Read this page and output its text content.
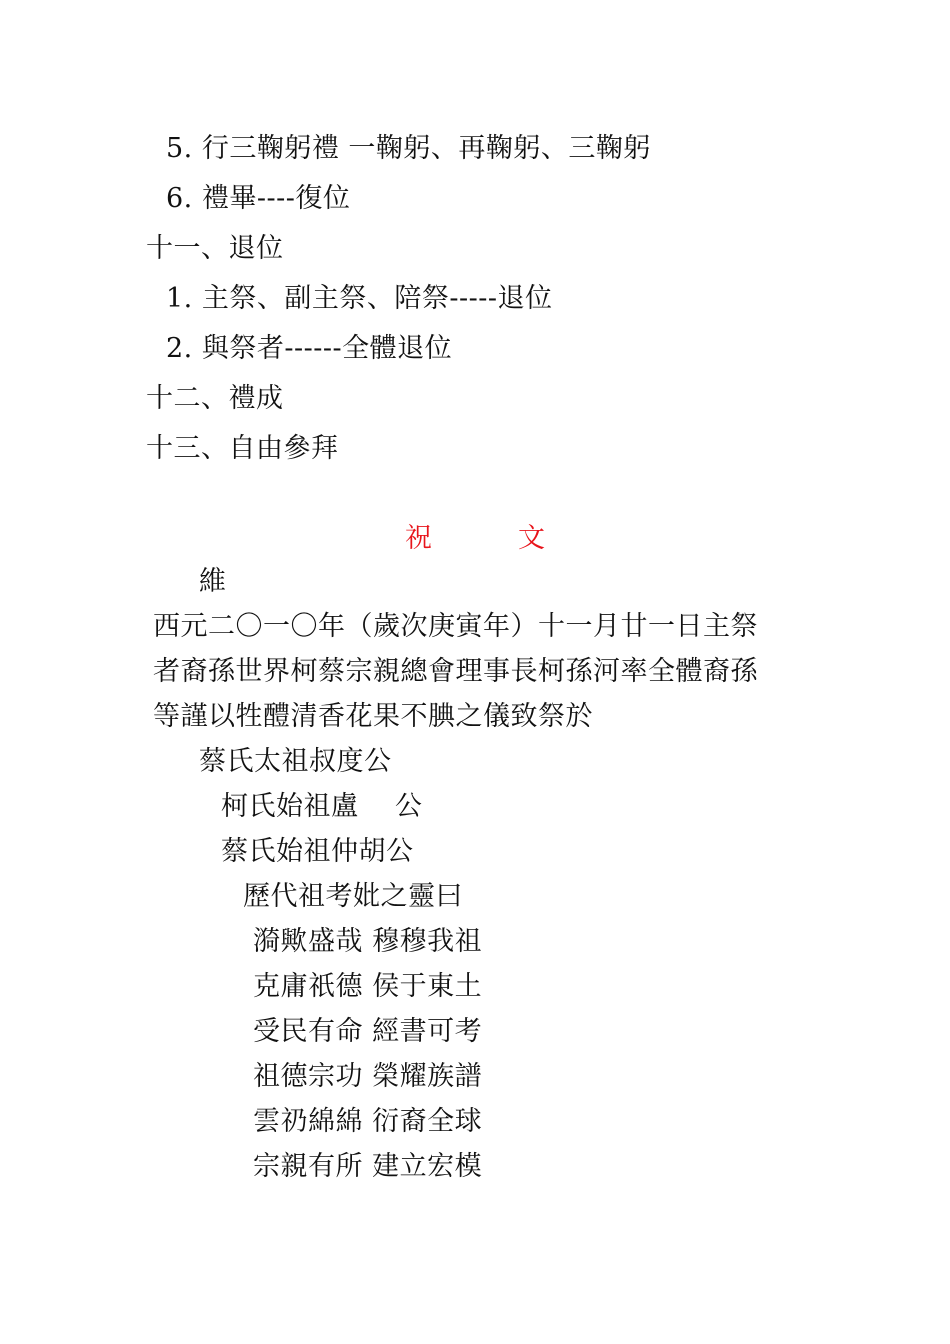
5. 行三鞠躬禮 一鞠躬、再鞠躬、三鞠躬
6. 禮畢----復位
十一、退位
1. 主祭、副主祭、陪祭-----退位
2. 與祭者------全體退位
十二、禮成
十三、自由參拜
祝	文
維
西元二〇一〇年（歲次庚寅年）十一月廿一日主祭
者裔孫世界柯蔡宗親總會理事長柯孫河率全體裔孫
等謹以牲醴清香花果不腆之儀致祭於
蔡氏太祖叔度公
柯氏始祖盧    公
蔡氏始祖仲胡公
歷代祖考妣之靈曰
漪歟盛哉 穆穆我祖
克庸祇德 侯于東土
受民有命 經書可考
祖德宗功 榮耀族譜
雲礽綿綿 衍裔全球
宗親有所 建立宏模
